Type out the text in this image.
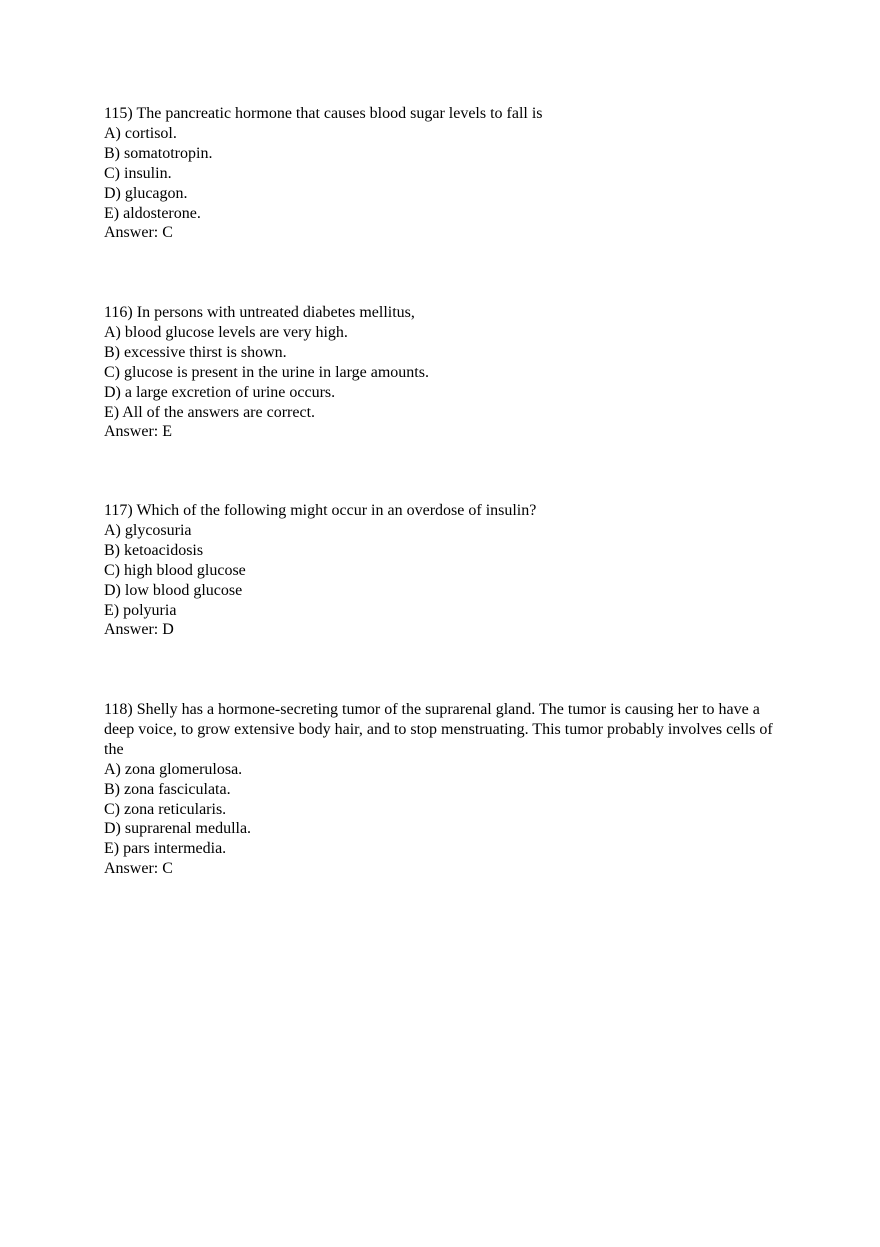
115) The pancreatic hormone that causes blood sugar levels to fall is
A) cortisol.
B) somatotropin.
C) insulin.
D) glucagon.
E) aldosterone.
Answer: C
116) In persons with untreated diabetes mellitus,
A) blood glucose levels are very high.
B) excessive thirst is shown.
C) glucose is present in the urine in large amounts.
D) a large excretion of urine occurs.
E) All of the answers are correct.
Answer: E
117) Which of the following might occur in an overdose of insulin?
A) glycosuria
B) ketoacidosis
C) high blood glucose
D) low blood glucose
E) polyuria
Answer: D
118) Shelly has a hormone-secreting tumor of the suprarenal gland. The tumor is causing her to have a deep voice, to grow extensive body hair, and to stop menstruating. This tumor probably involves cells of the
A) zona glomerulosa.
B) zona fasciculata.
C) zona reticularis.
D) suprarenal medulla.
E) pars intermedia.
Answer: C
